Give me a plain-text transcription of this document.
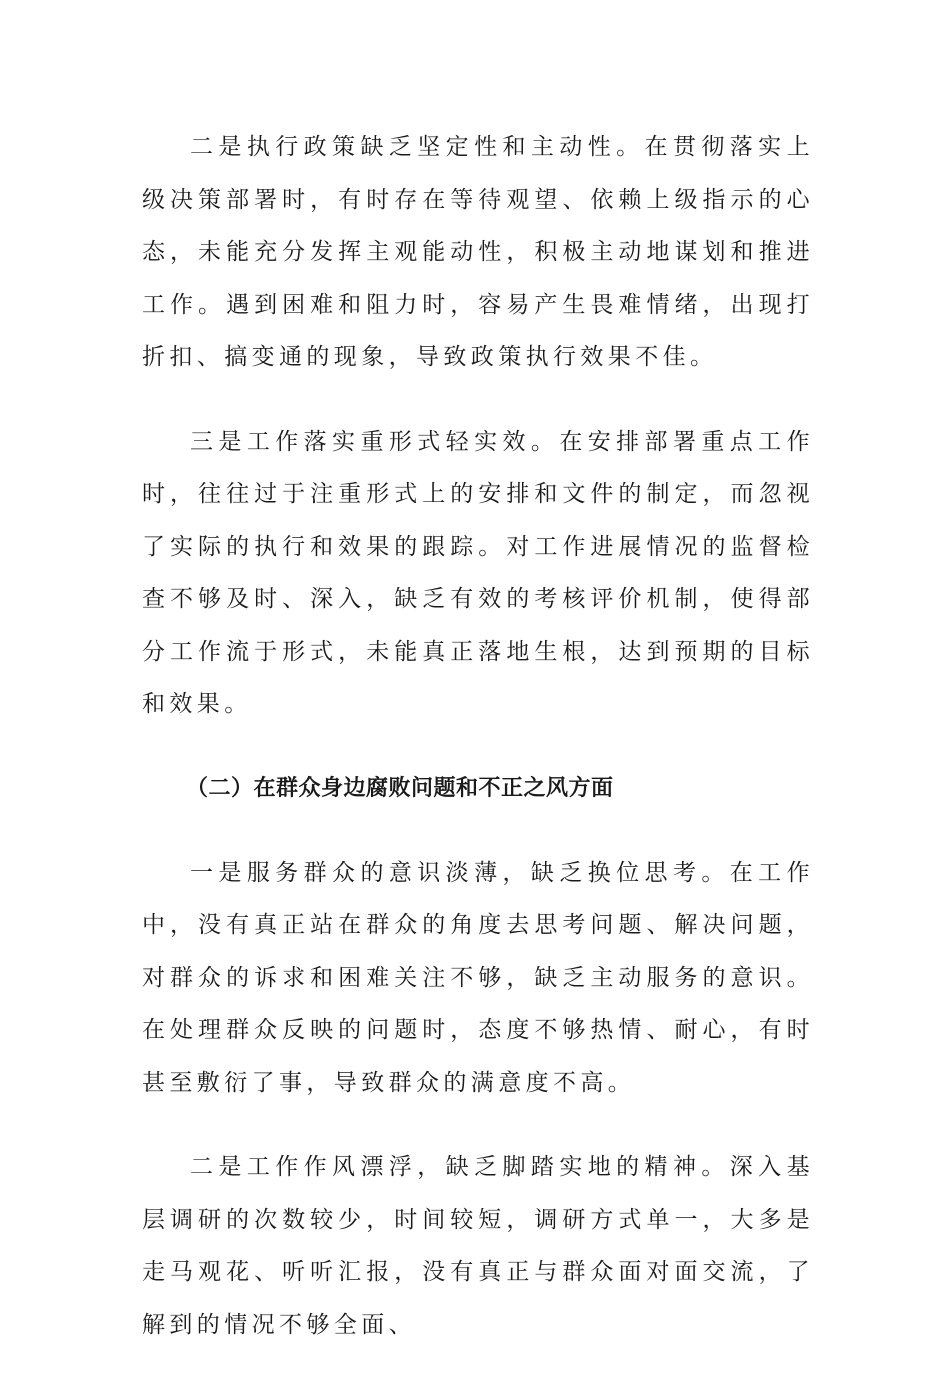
二是执行政策缺乏坚定性和主动性。在贯彻落实上级决策部署时，有时存在等待观望、依赖上级指示的心态，未能充分发挥主观能动性，积极主动地谋划和推进工作。遇到困难和阻力时，容易产生畏难情绪，出现打折扣、搞变通的现象，导致政策执行效果不佳。

三是工作落实重形式轻实效。在安排部署重点工作时，往往过于注重形式上的安排和文件的制定，而忽视了实际的执行和效果的跟踪。对工作进展情况的监督检查不够及时、深入，缺乏有效的考核评价机制，使得部分工作流于形式，未能真正落地生根，达到预期的目标和效果。

（二）在群众身边腐败问题和不正之风方面

一是服务群众的意识淡薄，缺乏换位思考。在工作中，没有真正站在群众的角度去思考问题、解决问题，对群众的诉求和困难关注不够，缺乏主动服务的意识。在处理群众反映的问题时，态度不够热情、耐心，有时甚至敷衍了事，导致群众的满意度不高。

二是工作作风漂浮，缺乏脚踏实地的精神。深入基层调研的次数较少，时间较短，调研方式单一，大多是走马观花、听听汇报，没有真正与群众面对面交流，了解到的情况不够全面、
